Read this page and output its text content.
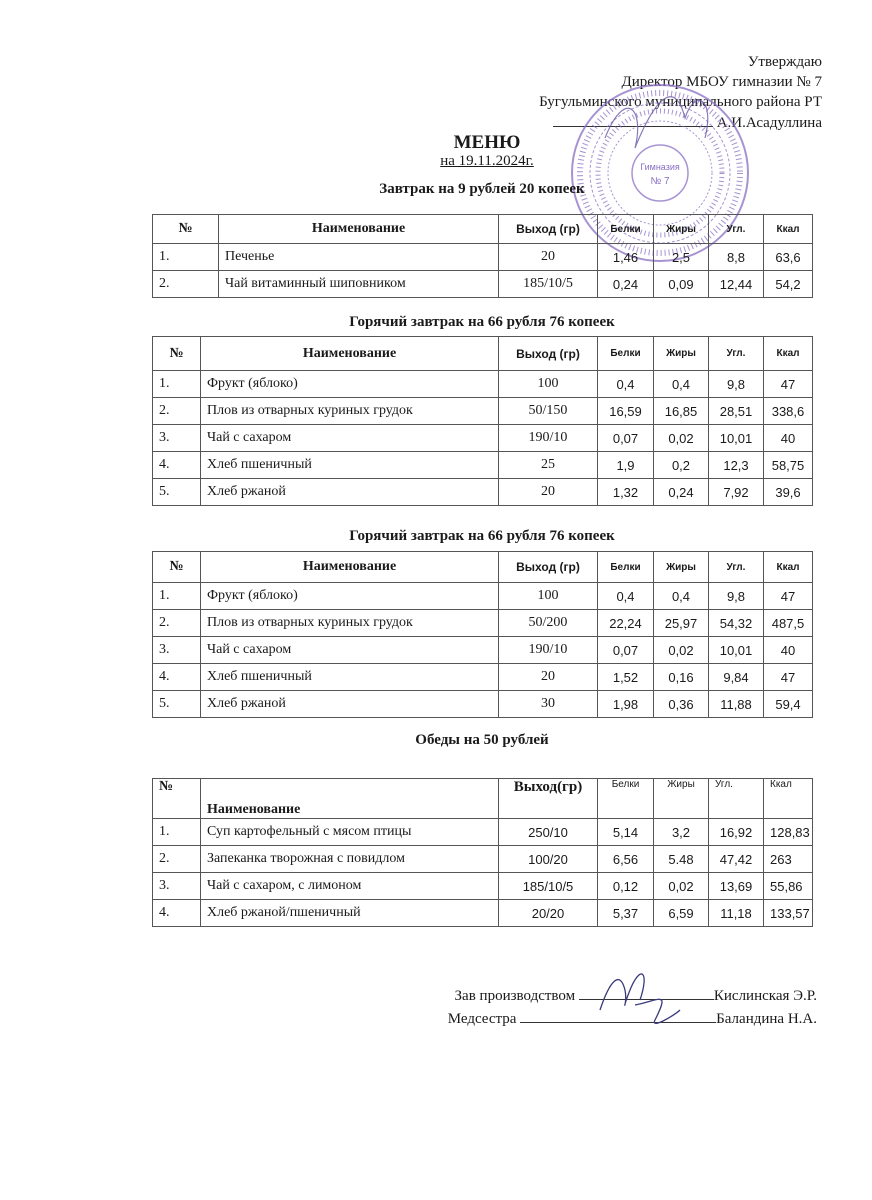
Утверждаю
Директор МБОУ гимназии № 7
Бугульминского муниципального района РТ
А.И.Асадуллина
Гимназия
№ 7
МЕНЮ
на 19.11.2024г.
Завтрак на 9 рублей 20 копеек
№	Наименование	Выход (гр)	Белки	Жиры	Угл.	Ккал
1.	Печенье	20	1,46	2,5	8,8	63,6
2.	Чай витаминный шиповником	185/10/5	0,24	0,09	12,44	54,2
Горячий завтрак на 66 рубля 76 копеек
№	Наименование	Выход (гр)	Белки	Жиры	Угл.	Ккал
1.	Фрукт (яблоко)	100	0,4	0,4	9,8	47
2.	Плов из отварных куриных грудок	50/150	16,59	16,85	28,51	338,6
3.	Чай с сахаром	190/10	0,07	0,02	10,01	40
4.	Хлеб пшеничный	25	1,9	0,2	12,3	58,75
5.	Хлеб ржаной	20	1,32	0,24	7,92	39,6
Горячий завтрак на 66 рубля 76 копеек
№	Наименование	Выход (гр)	Белки	Жиры	Угл.	Ккал
1.	Фрукт (яблоко)	100	0,4	0,4	9,8	47
2.	Плов из отварных куриных грудок	50/200	22,24	25,97	54,32	487,5
3.	Чай с сахаром	190/10	0,07	0,02	10,01	40
4.	Хлеб пшеничный	20	1,52	0,16	9,84	47
5.	Хлеб ржаной	30	1,98	0,36	11,88	59,4
Обеды на 50 рублей
№	Наименование	Выход(гр)	Белки	Жиры	Угл.	Ккал
1.	Суп картофельный с мясом птицы	250/10	5,14	3,2	16,92	128,83
2.	Запеканка творожная с повидлом	100/20	6,56	5.48	47,42	263
3.	Чай с сахаром, с лимоном	185/10/5	0,12	0,02	13,69	55,86
4.	Хлеб ржаной/пшеничный	20/20	5,37	6,59	11,18	133,57
Зав производством	Кислинская Э.Р.
Медсестра	Баландина Н.А.
